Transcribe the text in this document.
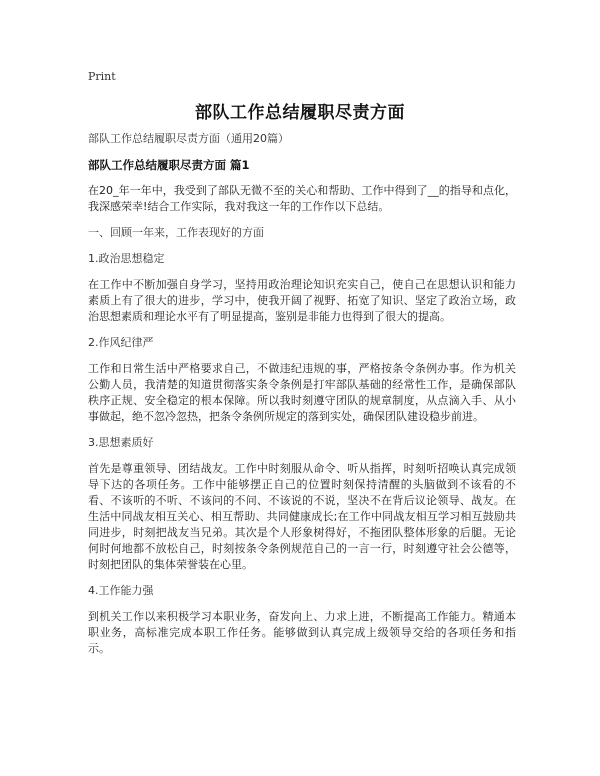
Print
部队工作总结履职尽责方面

部队工作总结履职尽责方面（通用20篇）

部队工作总结履职尽责方面 篇1

在20_年一年中，我受到了部队无微不至的关心和帮助、工作中得到了__的指导和点化，我深感荣幸!结合工作实际，我对我这一年的工作作以下总结。

一、回顾一年来，工作表现好的方面

1.政治思想稳定

在工作中不断加强自身学习，坚持用政治理论知识充实自己，使自己在思想认识和能力素质上有了很大的进步，学习中，使我开阔了视野、拓宽了知识、坚定了政治立场，政治思想素质和理论水平有了明显提高，鉴别是非能力也得到了很大的提高。

2.作风纪律严

工作和日常生活中严格要求自己，不做违纪违规的事，严格按条令条例办事。作为机关公勤人员，我清楚的知道贯彻落实条令条例是打牢部队基础的经常性工作，是确保部队秩序正规、安全稳定的根本保障。所以我时刻遵守团队的规章制度，从点滴入手、从小事做起，绝不忽冷忽热，把条令条例所规定的落到实处，确保团队建设稳步前进。

3.思想素质好

首先是尊重领导、团结战友。工作中时刻服从命令、听从指挥，时刻听招唤认真完成领导下达的各项任务。工作中能够摆正自己的位置时刻保持清醒的头脑做到不该看的不看、不该听的不听、不该问的不问、不该说的不说，坚决不在背后议论领导、战友。在生活中同战友相互关心、相互帮助、共同健康成长;在工作中同战友相互学习相互鼓励共同进步，时刻把战友当兄弟。其次是个人形象树得好，不拖团队整体形象的后腿。无论何时何地都不放松自己，时刻按条令条例规范自己的一言一行，时刻遵守社会公德等，时刻把团队的集体荣誉装在心里。

4.工作能力强

到机关工作以来积极学习本职业务，奋发向上、力求上进，不断提高工作能力。精通本职业务，高标准完成本职工作任务。能够做到认真完成上级领导交给的各项任务和指示。
